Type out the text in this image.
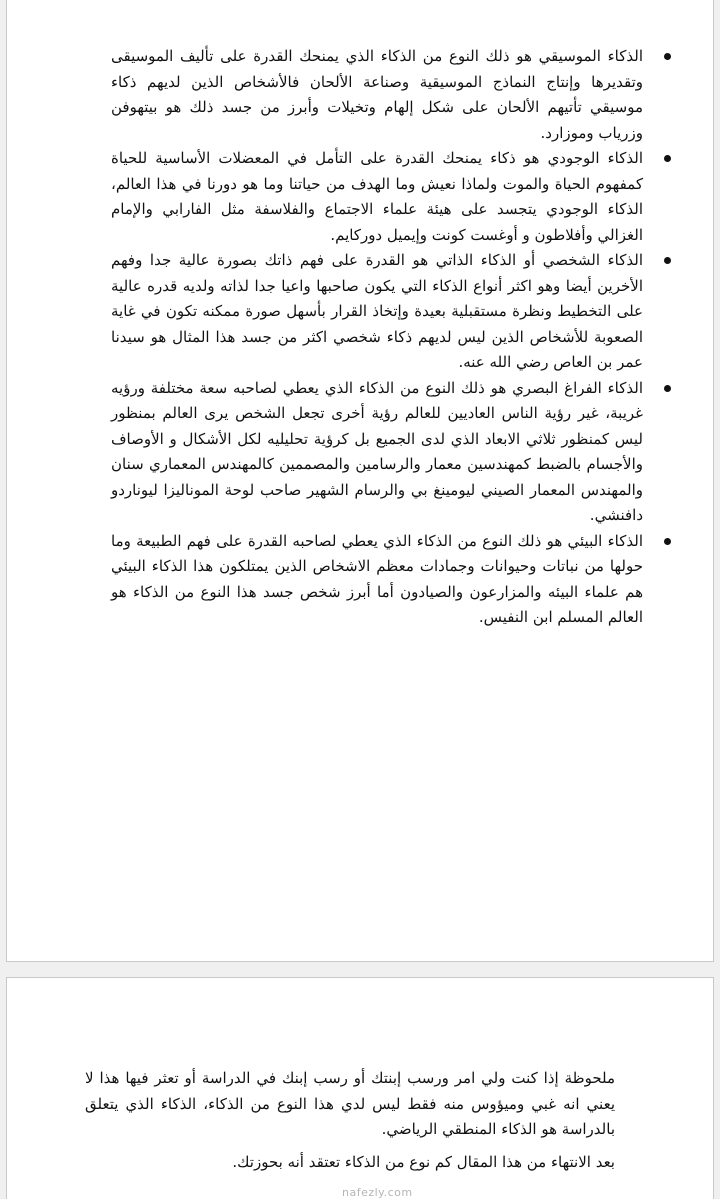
الذكاء الموسيقي هو ذلك النوع من الذكاء الذي يمنحك القدرة على تأليف الموسيقى وتقديرها وإنتاج النماذج الموسيقية وصناعة الألحان فالأشخاص الذين لديهم ذكاء موسيقي تأتيهم الألحان على شكل إلهام وتخيلات وأبرز من جسد ذلك هو بيتهوفن وزرياب وموزارد.
الذكاء الوجودي هو ذكاء يمنحك القدرة على التأمل في المعضلات الأساسية للحياة كمفهوم الحياة والموت ولماذا نعيش وما الهدف من حياتنا وما هو دورنا في هذا العالم، الذكاء الوجودي يتجسد على هيئة علماء الاجتماع والفلاسفة مثل الفارابي والإمام الغزالي وأفلاطون و أوغست كونت وإيميل دوركايم.
الذكاء الشخصي أو الذكاء الذاتي هو القدرة على فهم ذاتك بصورة عالية جدا وفهم الأخرين أيضا وهو اكثر أنواع الذكاء التي يكون صاحبها واعيا جدا لذاته ولديه قدره عالية على التخطيط ونظرة مستقبلية بعيدة وإتخاذ القرار بأسهل صورة ممكنه تكون في غاية الصعوبة للأشخاص الذين ليس لديهم ذكاء شخصي اكثر من جسد هذا المثال هو سيدنا عمر بن العاص رضي الله عنه.
الذكاء الفراغ البصري هو ذلك النوع من الذكاء الذي يعطي لصاحبه سعة مختلفة ورؤيه غريبة، غير رؤية الناس العاديين للعالم رؤية أخرى تجعل الشخص يرى العالم بمنظور ليس كمنظور ثلاثي الابعاد الذي لدى الجميع بل كرؤية تحليليه لكل الأشكال و الأوصاف والأجسام بالضبط كمهندسين معمار والرسامين والمصممين كالمهندس المعماري سنان والمهندس المعمار الصيني ليومينغ بي والرسام الشهير صاحب لوحة الموناليزا ليوناردو دافنشي.
الذكاء البيئي هو ذلك النوع من الذكاء الذي يعطي لصاحبه القدرة على فهم الطبيعة وما حولها من نباتات وحيوانات وجمادات معظم الاشخاص الذين يمتلكون هذا الذكاء البيئي هم علماء البيئه والمزارعون والصيادون أما أبرز شخص جسد هذا النوع من الذكاء هو العالم المسلم ابن النفيس.

ملحوظة إذا كنت ولي امر ورسب إبنتك أو رسب إبنك في الدراسة أو تعثر فيها هذا لا يعني انه غبي وميؤوس منه فقط ليس لدي هذا النوع من الذكاء، الذكاء الذي يتعلق بالدراسة هو الذكاء المنطقي الرياضي.

بعد الانتهاء من هذا المقال كم نوع من الذكاء تعتقد أنه بحوزتك.

nafezly.com
